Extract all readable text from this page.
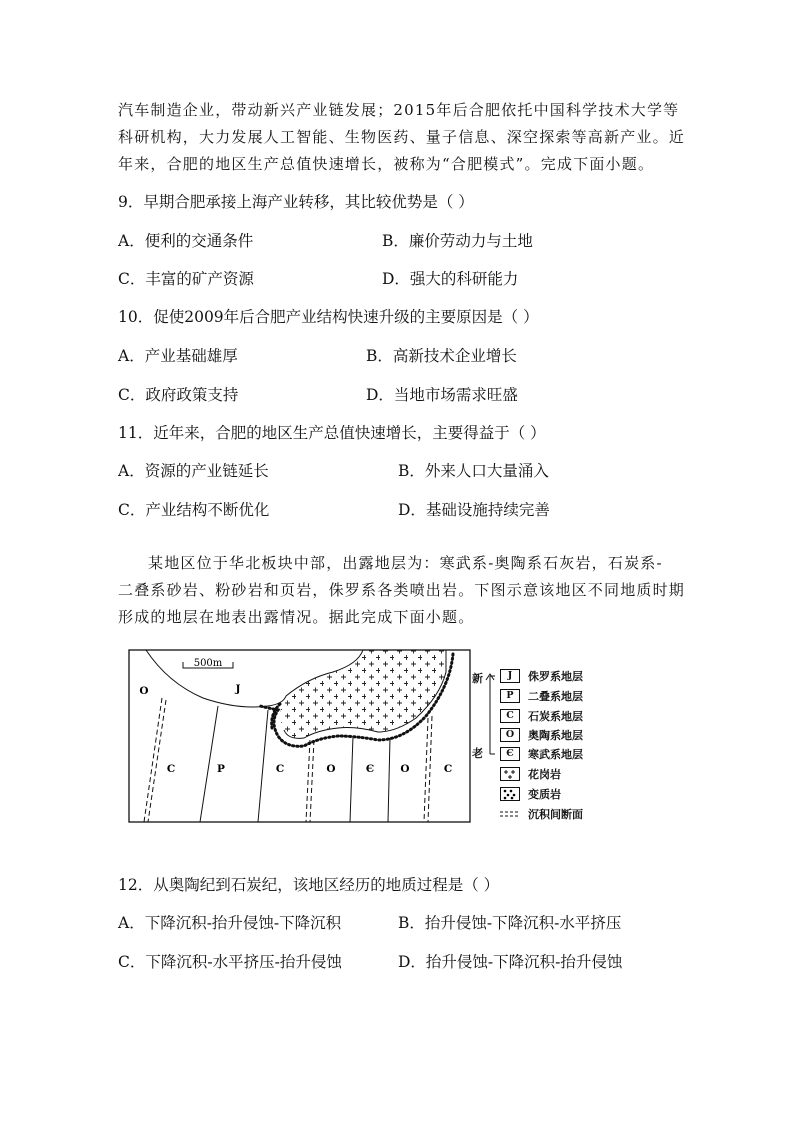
汽车制造企业，带动新兴产业链发展；2015年后合肥依托中国科学技术大学等
科研机构，大力发展人工智能、生物医药、量子信息、深空探索等高新产业。近
年来，合肥的地区生产总值快速增长，被称为“合肥模式”。完成下面小题。
9．早期合肥承接上海产业转移，其比较优势是（ ）
A．便利的交通条件	B．廉价劳动力与土地
C．丰富的矿产资源	D．强大的科研能力
10．促使2009年后合肥产业结构快速升级的主要原因是（ ）
A．产业基础雄厚	B．高新技术企业增长
C．政府政策支持	D．当地市场需求旺盛
11．近年来，合肥的地区生产总值快速增长，主要得益于（ ）
A．资源的产业链延长	B．外来人口大量涌入
C．产业结构不断优化	D．基础设施持续完善
某地区位于华北板块中部，出露地层为：寒武系-奥陶系石灰岩，石炭系-
二叠系砂岩、粉砂岩和页岩，侏罗系各类喷出岩。下图示意该地区不同地质时期
形成的地层在地表出露情况。据此完成下面小题。
500m
O	J
C	P	C	O	Є O	C
新
老
J 侏罗系地层
P 二叠系地层
C 石炭系地层
O 奥陶系地层
Є 寒武系地层
花岗岩
变质岩
沉积间断面
12．从奥陶纪到石炭纪，该地区经历的地质过程是（ ）
A．下降沉积-抬升侵蚀-下降沉积	B．抬升侵蚀-下降沉积-水平挤压
C．下降沉积-水平挤压-抬升侵蚀	D．抬升侵蚀-下降沉积-抬升侵蚀
